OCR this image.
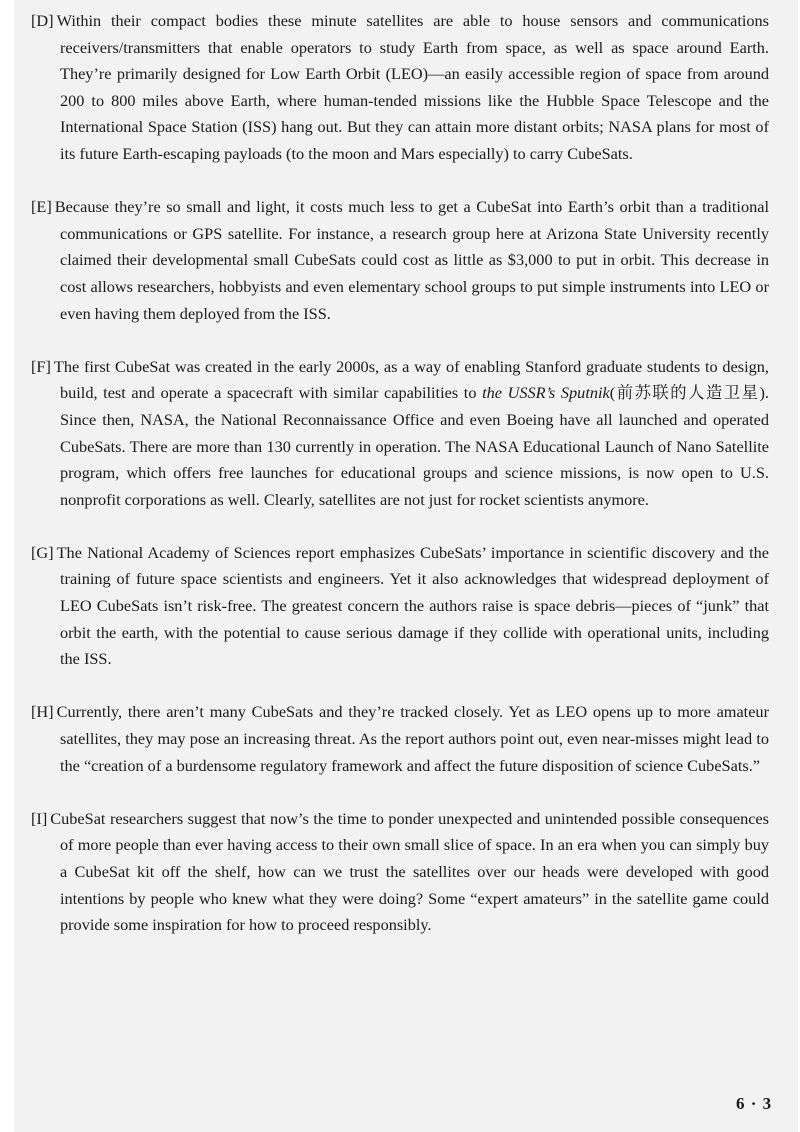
[D] Within their compact bodies these minute satellites are able to house sensors and communications receivers/transmitters that enable operators to study Earth from space, as well as space around Earth. They’re primarily designed for Low Earth Orbit (LEO)—an easily accessible region of space from around 200 to 800 miles above Earth, where human-tended missions like the Hubble Space Telescope and the International Space Station (ISS) hang out. But they can attain more distant orbits; NASA plans for most of its future Earth-escaping payloads (to the moon and Mars especially) to carry CubeSats.

[E] Because they’re so small and light, it costs much less to get a CubeSat into Earth’s orbit than a traditional communications or GPS satellite. For instance, a research group here at Arizona State University recently claimed their developmental small CubeSats could cost as little as $3,000 to put in orbit. This decrease in cost allows researchers, hobbyists and even elementary school groups to put simple instruments into LEO or even having them deployed from the ISS.

[F] The first CubeSat was created in the early 2000s, as a way of enabling Stanford graduate students to design, build, test and operate a spacecraft with similar capabilities to the USSR’s Sputnik(前苏联的人造卫星). Since then, NASA, the National Reconnaissance Office and even Boeing have all launched and operated CubeSats. There are more than 130 currently in operation. The NASA Educational Launch of Nano Satellite program, which offers free launches for educational groups and science missions, is now open to U.S. nonprofit corporations as well. Clearly, satellites are not just for rocket scientists anymore.

[G] The National Academy of Sciences report emphasizes CubeSats’ importance in scientific discovery and the training of future space scientists and engineers. Yet it also acknowledges that widespread deployment of LEO CubeSats isn’t risk-free. The greatest concern the authors raise is space debris—pieces of “junk” that orbit the earth, with the potential to cause serious damage if they collide with operational units, including the ISS.

[H] Currently, there aren’t many CubeSats and they’re tracked closely. Yet as LEO opens up to more amateur satellites, they may pose an increasing threat. As the report authors point out, even near-misses might lead to the “creation of a burdensome regulatory framework and affect the future disposition of science CubeSats.”

[I] CubeSat researchers suggest that now’s the time to ponder unexpected and unintended possible consequences of more people than ever having access to their own small slice of space. In an era when you can simply buy a CubeSat kit off the shelf, how can we trust the satellites over our heads were developed with good intentions by people who knew what they were doing? Some “expert amateurs” in the satellite game could provide some inspiration for how to proceed responsibly.

6 · 3
